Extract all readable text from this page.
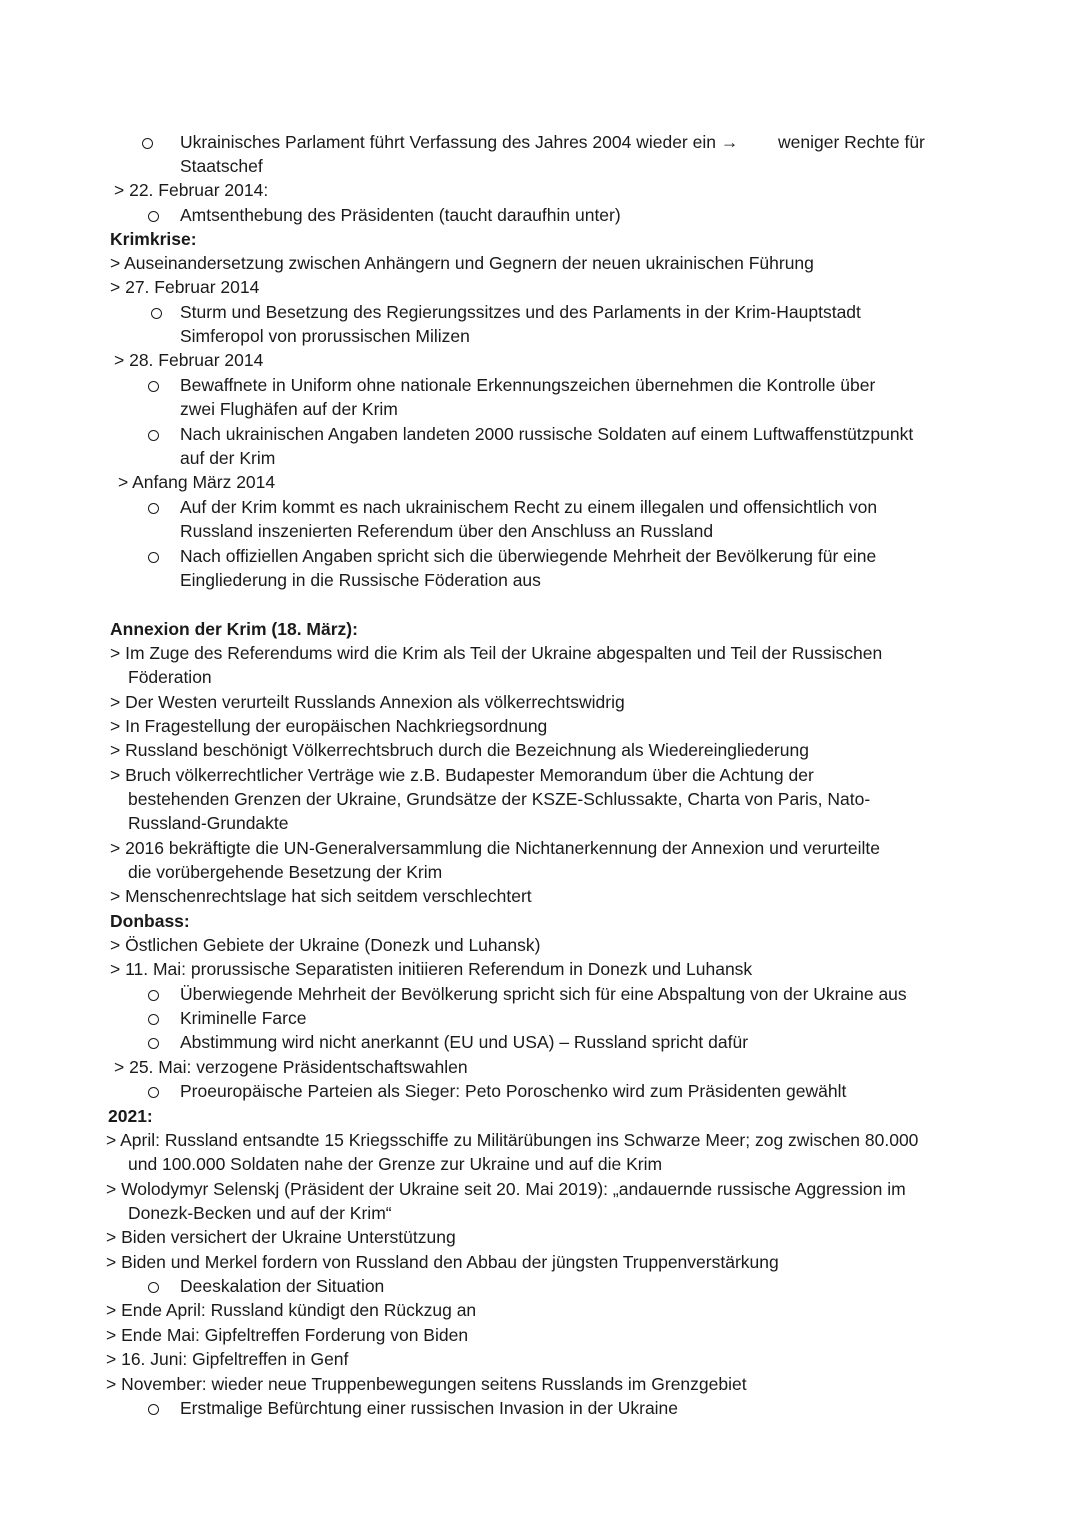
Ukrainisches Parlament führt Verfassung des Jahres 2004 wieder ein → weniger Rechte für
Staatschef
> 22. Februar 2014:
Amtsenthebung des Präsidenten (taucht daraufhin unter)
Krimkrise:
> Auseinandersetzung zwischen Anhängern und Gegnern der neuen ukrainischen Führung
> 27. Februar 2014
Sturm und Besetzung des Regierungssitzes und des Parlaments in der Krim-Hauptstadt
Simferopol von prorussischen Milizen
> 28. Februar 2014
Bewaffnete in Uniform ohne nationale Erkennungszeichen übernehmen die Kontrolle über
zwei Flughäfen auf der Krim
Nach ukrainischen Angaben landeten 2000 russische Soldaten auf einem Luftwaffenstützpunkt
auf der Krim
> Anfang März 2014
Auf der Krim kommt es nach ukrainischem Recht zu einem illegalen und offensichtlich von
Russland inszenierten Referendum über den Anschluss an Russland
Nach offiziellen Angaben spricht sich die überwiegende Mehrheit der Bevölkerung für eine
Eingliederung in die Russische Föderation aus
Annexion der Krim (18. März):
> Im Zuge des Referendums wird die Krim als Teil der Ukraine abgespalten und Teil der Russischen
Föderation
> Der Westen verurteilt Russlands Annexion als völkerrechtswidrig
> In Fragestellung der europäischen Nachkriegsordnung
> Russland beschönigt Völkerrechtsbruch durch die Bezeichnung als Wiedereingliederung
> Bruch völkerrechtlicher Verträge wie z.B. Budapester Memorandum über die Achtung der
bestehenden Grenzen der Ukraine, Grundsätze der KSZE-Schlussakte, Charta von Paris, Nato-
Russland-Grundakte
> 2016 bekräftigte die UN-Generalversammlung die Nichtanerkennung der Annexion und verurteilte
die vorübergehende Besetzung der Krim
> Menschenrechtslage hat sich seitdem verschlechtert
Donbass:
> Östlichen Gebiete der Ukraine (Donezk und Luhansk)
> 11. Mai: prorussische Separatisten initiieren Referendum in Donezk und Luhansk
Überwiegende Mehrheit der Bevölkerung spricht sich für eine Abspaltung von der Ukraine aus
Kriminelle Farce
Abstimmung wird nicht anerkannt (EU und USA) – Russland spricht dafür
> 25. Mai: verzogene Präsidentschaftswahlen
Proeuropäische Parteien als Sieger: Peto Poroschenko wird zum Präsidenten gewählt
2021:
> April: Russland entsandte 15 Kriegsschiffe zu Militärübungen ins Schwarze Meer; zog zwischen 80.000
und 100.000 Soldaten nahe der Grenze zur Ukraine und auf die Krim
> Wolodymyr Selenskj (Präsident der Ukraine seit 20. Mai 2019): „andauernde russische Aggression im
Donezk-Becken und auf der Krim“
> Biden versichert der Ukraine Unterstützung
> Biden und Merkel fordern von Russland den Abbau der jüngsten Truppenverstärkung
Deeskalation der Situation
> Ende April: Russland kündigt den Rückzug an
> Ende Mai: Gipfeltreffen Forderung von Biden
> 16. Juni: Gipfeltreffen in Genf
> November: wieder neue Truppenbewegungen seitens Russlands im Grenzgebiet
Erstmalige Befürchtung einer russischen Invasion in der Ukraine
